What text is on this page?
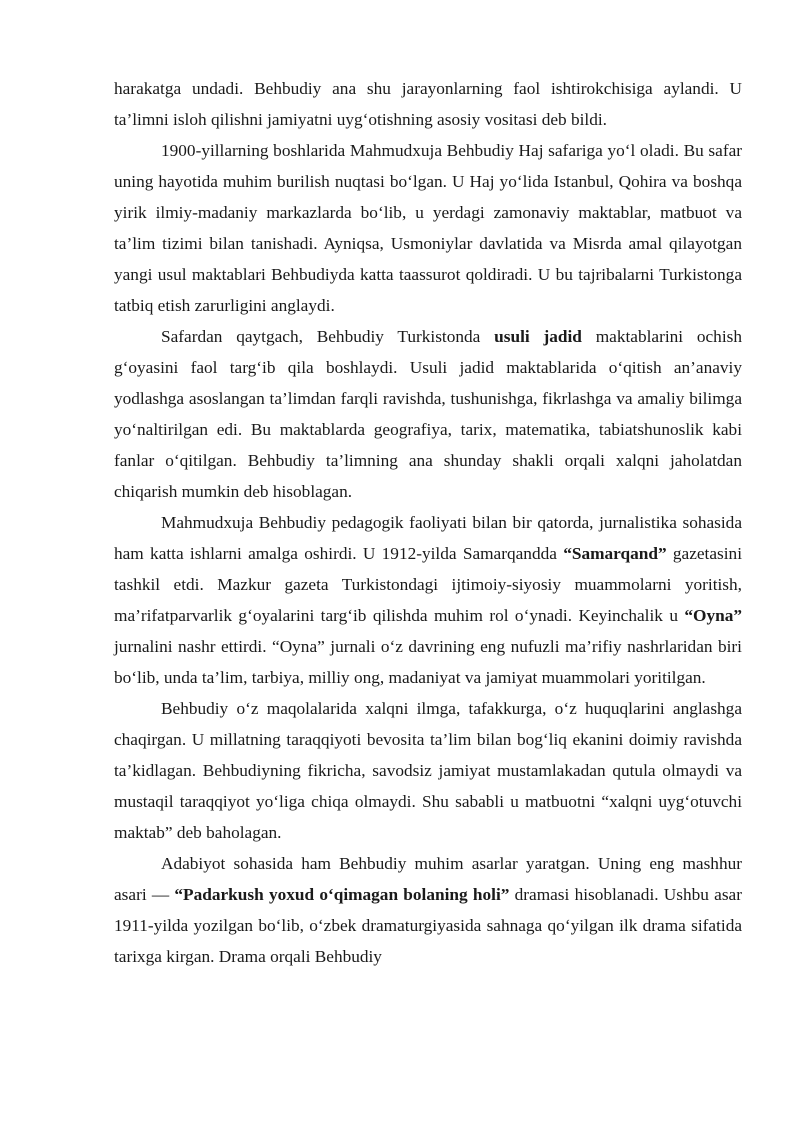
harakatga undadi. Behbudiy ana shu jarayonlarning faol ishtirokchisiga aylandi. U ta’limni isloh qilishni jamiyatni uyg‘otishning asosiy vositasi deb bildi.

1900-yillarning boshlarida Mahmudxuja Behbudiy Haj safariga yo‘l oladi. Bu safar uning hayotida muhim burilish nuqtasi bo‘lgan. U Haj yo‘lida Istanbul, Qohira va boshqa yirik ilmiy-madaniy markazlarda bo‘lib, u yerdagi zamonaviy maktablar, matbuot va ta’lim tizimi bilan tanishadi. Ayniqsa, Usmoniylar davlatida va Misrda amal qilayotgan yangi usul maktablari Behbudiyda katta taassurot qoldiradi. U bu tajribalarni Turkistonga tatbiq etish zarurligini anglaydi.

Safardan qaytgach, Behbudiy Turkistonda usuli jadid maktablarini ochish g‘oyasini faol targ‘ib qila boshlaydi. Usuli jadid maktablarida o‘qitish an’anaviy yodlashga asoslangan ta’limdan farqli ravishda, tushunishga, fikrlashga va amaliy bilimga yo‘naltirilgan edi. Bu maktablarda geografiya, tarix, matematika, tabiatshunoslik kabi fanlar o‘qitilgan. Behbudiy ta’limning ana shunday shakli orqali xalqni jaholatdan chiqarish mumkin deb hisoblagan.

Mahmudxuja Behbudiy pedagogik faoliyati bilan bir qatorda, jurnalistika sohasida ham katta ishlarni amalga oshirdi. U 1912-yilda Samarqandda “Samarqand” gazetasini tashkil etdi. Mazkur gazeta Turkistondagi ijtimoiy-siyosiy muammolarni yoritish, ma’rifatparvarlik g‘oyalarini targ‘ib qilishda muhim rol o‘ynadi. Keyinchalik u “Oyna” jurnalini nashr ettirdi. “Oyna” jurnali o‘z davrining eng nufuzli ma’rifiy nashrlaridan biri bo‘lib, unda ta’lim, tarbiya, milliy ong, madaniyat va jamiyat muammolari yoritilgan.

Behbudiy o‘z maqolalarida xalqni ilmga, tafakkurga, o‘z huquqlarini anglashga chaqirgan. U millatning taraqqiyoti bevosita ta’lim bilan bog‘liq ekanini doimiy ravishda ta’kidlagan. Behbudiyning fikricha, savodsiz jamiyat mustamlakadan qutula olmaydi va mustaqil taraqqiyot yo‘liga chiqa olmaydi. Shu sababli u matbuotni “xalqni uyg‘otuvchi maktab” deb baholagan.

Adabiyot sohasida ham Behbudiy muhim asarlar yaratgan. Uning eng mashhur asari — “Padarkush yoxud o‘qimagan bolaning holi” dramasi hisoblanadi. Ushbu asar 1911-yilda yozilgan bo‘lib, o‘zbek dramaturgiyasida sahnaga qo‘yilgan ilk drama sifatida tarixga kirgan. Drama orqali Behbudiy
